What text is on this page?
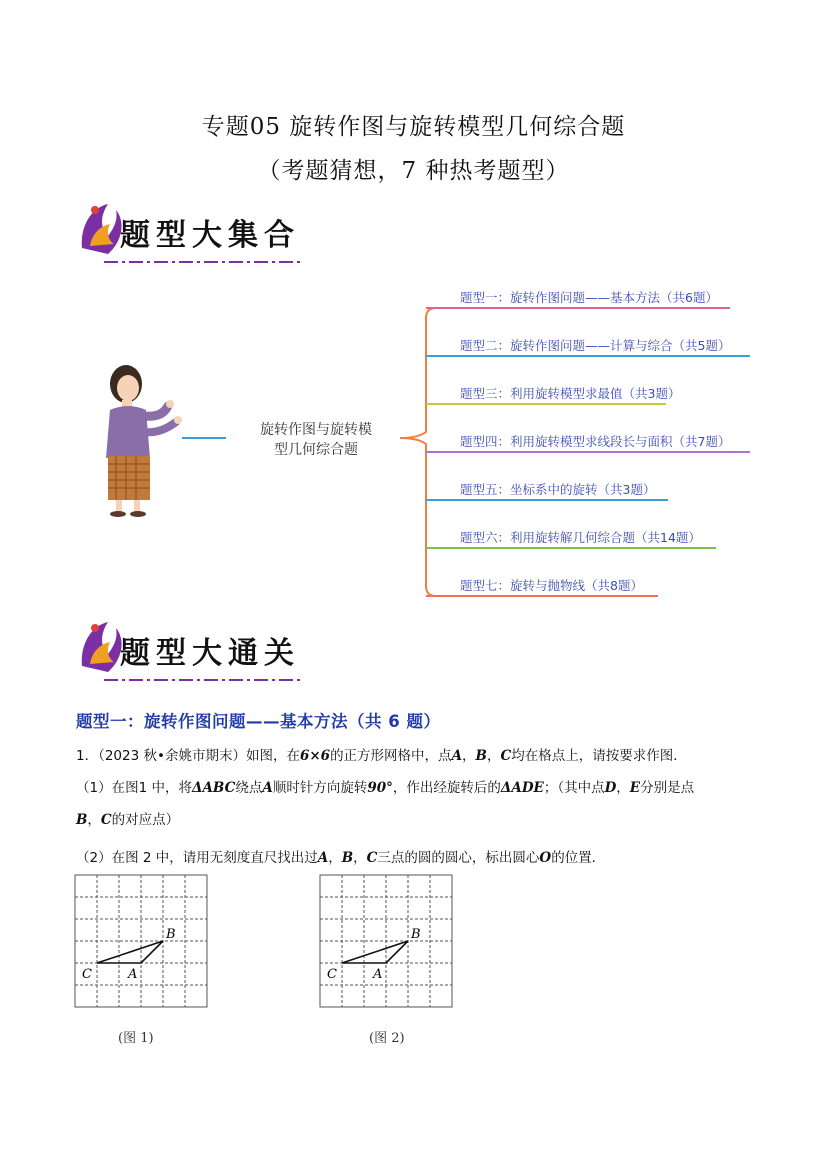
专题05 旋转作图与旋转模型几何综合题
（考题猜想，7 种热考题型）
题型大集合
旋转作图与旋转模
型几何综合题
题型一：旋转作图问题——基本方法（共6题）
题型二：旋转作图问题——计算与综合（共5题）
题型三：利用旋转模型求最值（共3题）
题型四：利用旋转模型求线段长与面积（共7题）
题型五：坐标系中的旋转（共3题）
题型六：利用旋转解几何综合题（共14题）
题型七：旋转与抛物线（共8题）
题型大通关
题型一：旋转作图问题——基本方法（共 6 题）
1．（2023 秋•余姚市期末）如图，在6×6的正方形网格中，点A，B，C均在格点上，请按要求作图．
（1）在图1 中，将ΔABC绕点A顺时针方向旋转90°，作出经旋转后的ΔADE；（其中点D，E分别是点
B，C的对应点）
（2）在图 2 中，请用无刻度直尺找出过A，B，C三点的圆的圆心，标出圆心O的位置．
C	A
B
(图 1)
C	A
B
(图 2)
